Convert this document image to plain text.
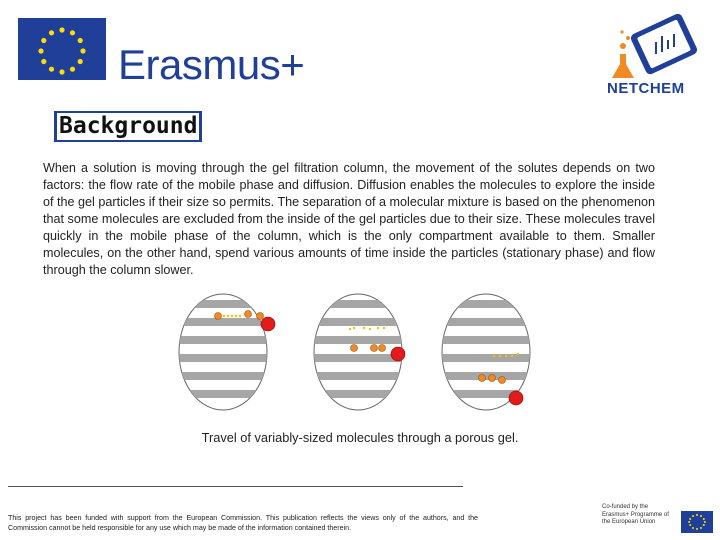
Erasmus+
NETCHEM
Background
When a solution is moving through the gel filtration column, the movement of the solutes depends on two factors: the flow rate of the mobile phase and diffusion. Diffusion enables the molecules to explore the inside of the gel particles if their size so permits. The separation of a molecular mixture is based on the phenomenon that some molecules are excluded from the inside of the gel particles due to their size. These molecules travel quickly in the mobile phase of the column, which is the only compartment available to them. Smaller molecules, on the other hand, spend various amounts of time inside the particles (stationary phase) and flow through the column slower.
Travel of variably-sized molecules through a porous gel.
This project has been funded with support from the European Commission. This publication reflects the views only of the authors, and the Commission cannot be held responsible for any use which may be made of the information contained therein.
Co-funded by the Erasmus+ Programme of the European Union
